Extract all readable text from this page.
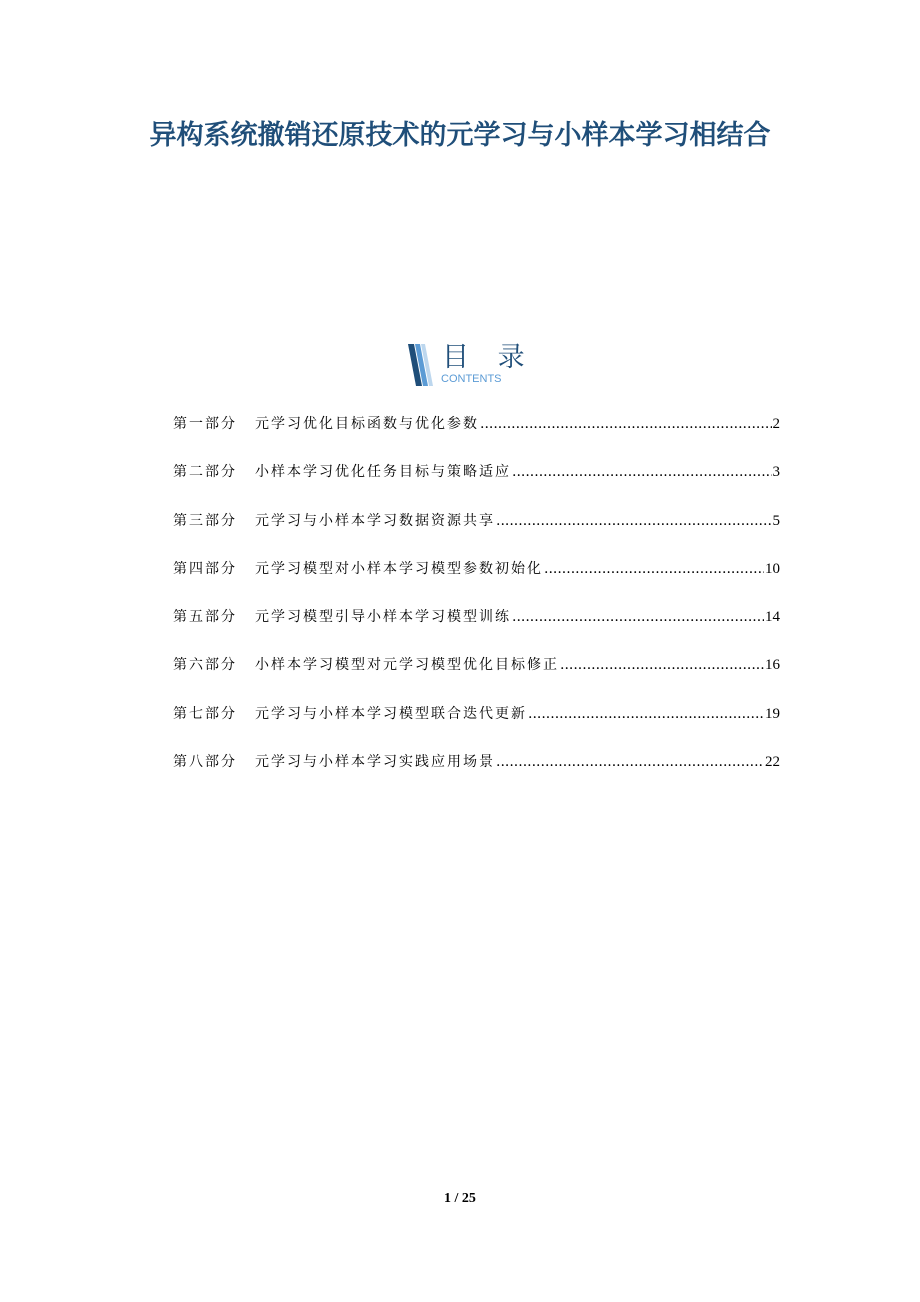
异构系统撤销还原技术的元学习与小样本学习相结合
目 录
CONTENTS
第一部分	元学习优化目标函数与优化参数 .....	2
第二部分	小样本学习优化任务目标与策略适应 .....	3
第三部分	元学习与小样本学习数据资源共享 .....	5
第四部分	元学习模型对小样本学习模型参数初始化 .....	10
第五部分	元学习模型引导小样本学习模型训练 .....	14
第六部分	小样本学习模型对元学习模型优化目标修正 .....	16
第七部分	元学习与小样本学习模型联合迭代更新 .....	19
第八部分	元学习与小样本学习实践应用场景 .....	22
1 / 25
